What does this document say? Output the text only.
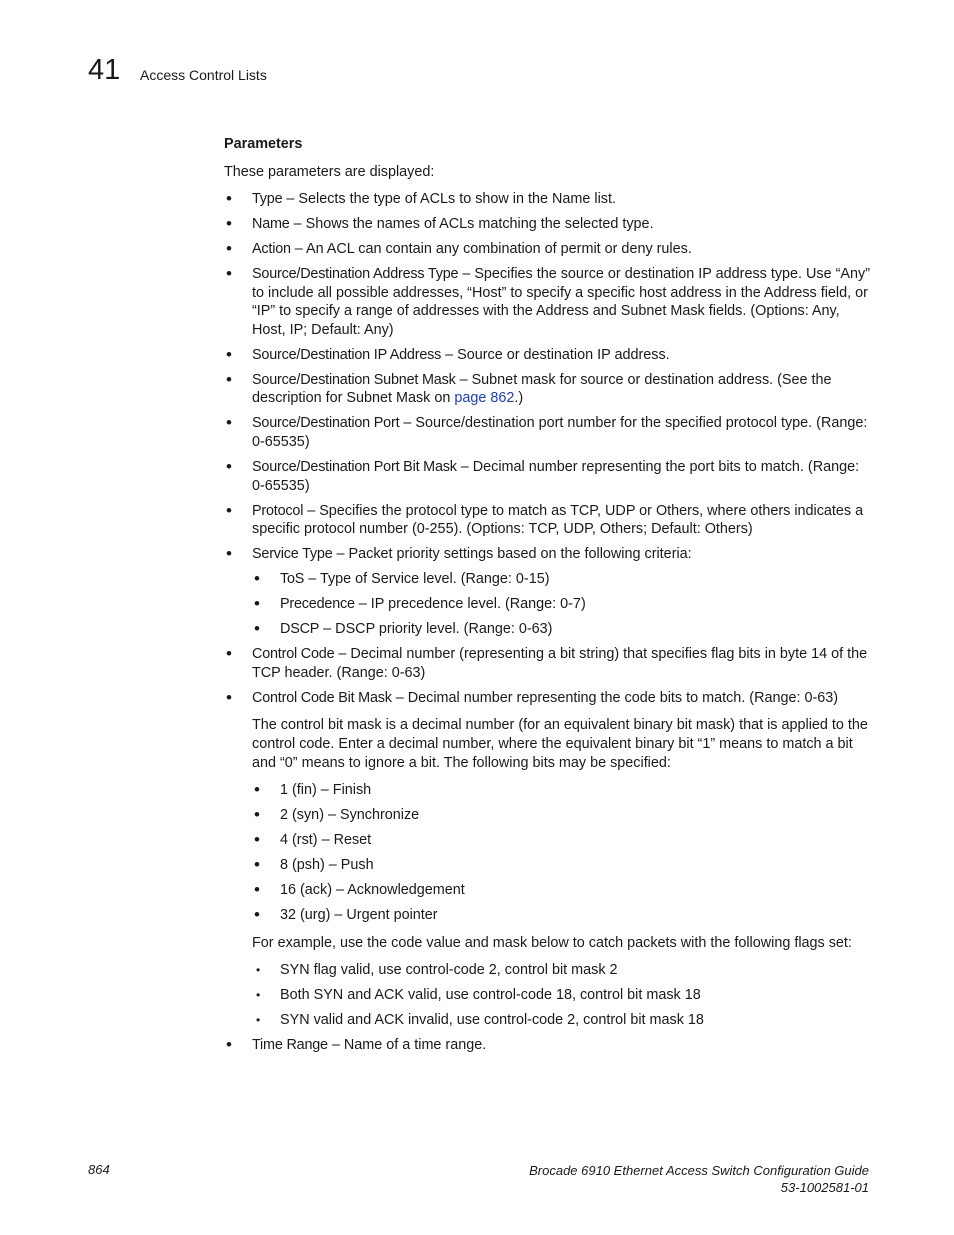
41 Access Control Lists
Parameters
These parameters are displayed:
• Type – Selects the type of ACLs to show in the Name list.
• Name – Shows the names of ACLs matching the selected type.
• Action – An ACL can contain any combination of permit or deny rules.
• Source/Destination Address Type – Specifies the source or destination IP address type. Use “Any” to include all possible addresses, “Host” to specify a specific host address in the Address field, or “IP” to specify a range of addresses with the Address and Subnet Mask fields. (Options: Any, Host, IP; Default: Any)
• Source/Destination IP Address – Source or destination IP address.
• Source/Destination Subnet Mask – Subnet mask for source or destination address. (See the description for Subnet Mask on page 862.)
• Source/Destination Port – Source/destination port number for the specified protocol type. (Range: 0-65535)
• Source/Destination Port Bit Mask – Decimal number representing the port bits to match. (Range: 0-65535)
• Protocol – Specifies the protocol type to match as TCP, UDP or Others, where others indicates a specific protocol number (0-255). (Options: TCP, UDP, Others; Default: Others)
• Service Type – Packet priority settings based on the following criteria:
• ToS – Type of Service level. (Range: 0-15)
• Precedence – IP precedence level. (Range: 0-7)
• DSCP – DSCP priority level. (Range: 0-63)
• Control Code – Decimal number (representing a bit string) that specifies flag bits in byte 14 of the TCP header. (Range: 0-63)
• Control Code Bit Mask – Decimal number representing the code bits to match. (Range: 0-63)
The control bit mask is a decimal number (for an equivalent binary bit mask) that is applied to the control code. Enter a decimal number, where the equivalent binary bit “1” means to match a bit and “0” means to ignore a bit. The following bits may be specified:
• 1 (fin) – Finish
• 2 (syn) – Synchronize
• 4 (rst) – Reset
• 8 (psh) – Push
• 16 (ack) – Acknowledgement
• 32 (urg) – Urgent pointer
For example, use the code value and mask below to catch packets with the following flags set:
• SYN flag valid, use control-code 2, control bit mask 2
• Both SYN and ACK valid, use control-code 18, control bit mask 18
• SYN valid and ACK invalid, use control-code 2, control bit mask 18
• Time Range – Name of a time range.
864	Brocade 6910 Ethernet Access Switch Configuration Guide
53-1002581-01
